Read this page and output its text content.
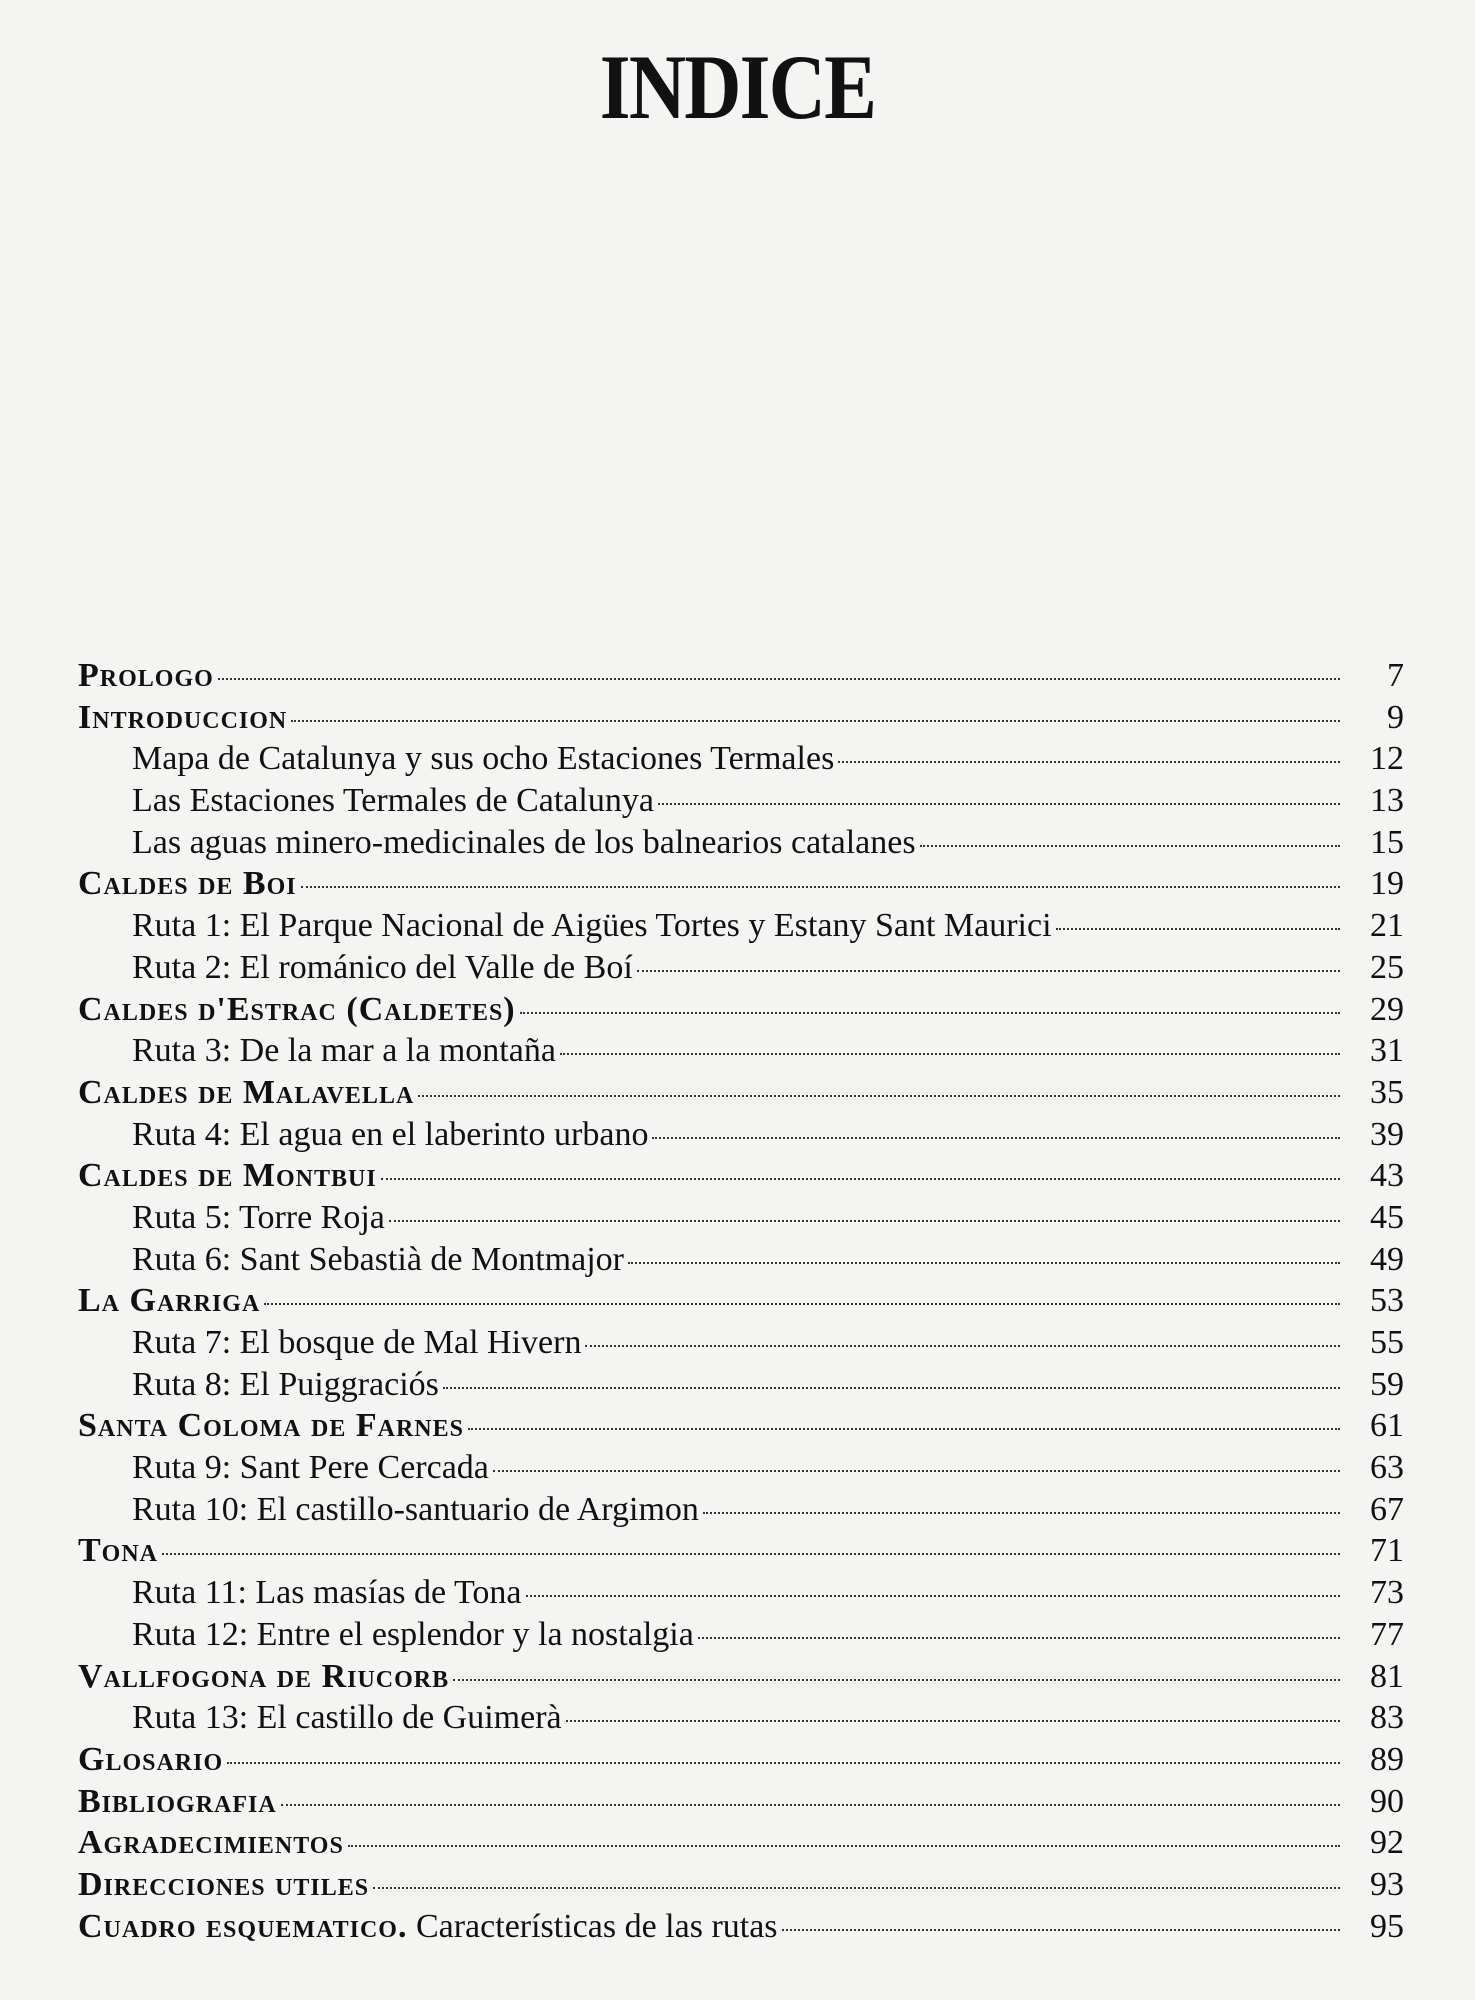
INDICE
Prologo	7
Introduccion	9
Mapa de Catalunya y sus ocho Estaciones Termales	12
Las Estaciones Termales de Catalunya	13
Las aguas minero-medicinales de los balnearios catalanes	15
Caldes de Boi	19
Ruta 1: El Parque Nacional de Aigües Tortes y Estany Sant Maurici	21
Ruta 2: El románico del Valle de Boí	25
Caldes d'Estrac (Caldetes)	29
Ruta 3: De la mar a la montaña	31
Caldes de Malavella	35
Ruta 4: El agua en el laberinto urbano	39
Caldes de Montbui	43
Ruta 5: Torre Roja	45
Ruta 6: Sant Sebastià de Montmajor	49
La Garriga	53
Ruta 7: El bosque de Mal Hivern	55
Ruta 8: El Puiggraciós	59
Santa Coloma de Farnes	61
Ruta 9: Sant Pere Cercada	63
Ruta 10: El castillo-santuario de Argimon	67
Tona	71
Ruta 11: Las masías de Tona	73
Ruta 12: Entre el esplendor y la nostalgia	77
Vallfogona de Riucorb	81
Ruta 13: El castillo de Guimerà	83
Glosario	89
Bibliografia	90
Agradecimientos	92
Direcciones utiles	93
Cuadro esquematico. Características de las rutas	95
